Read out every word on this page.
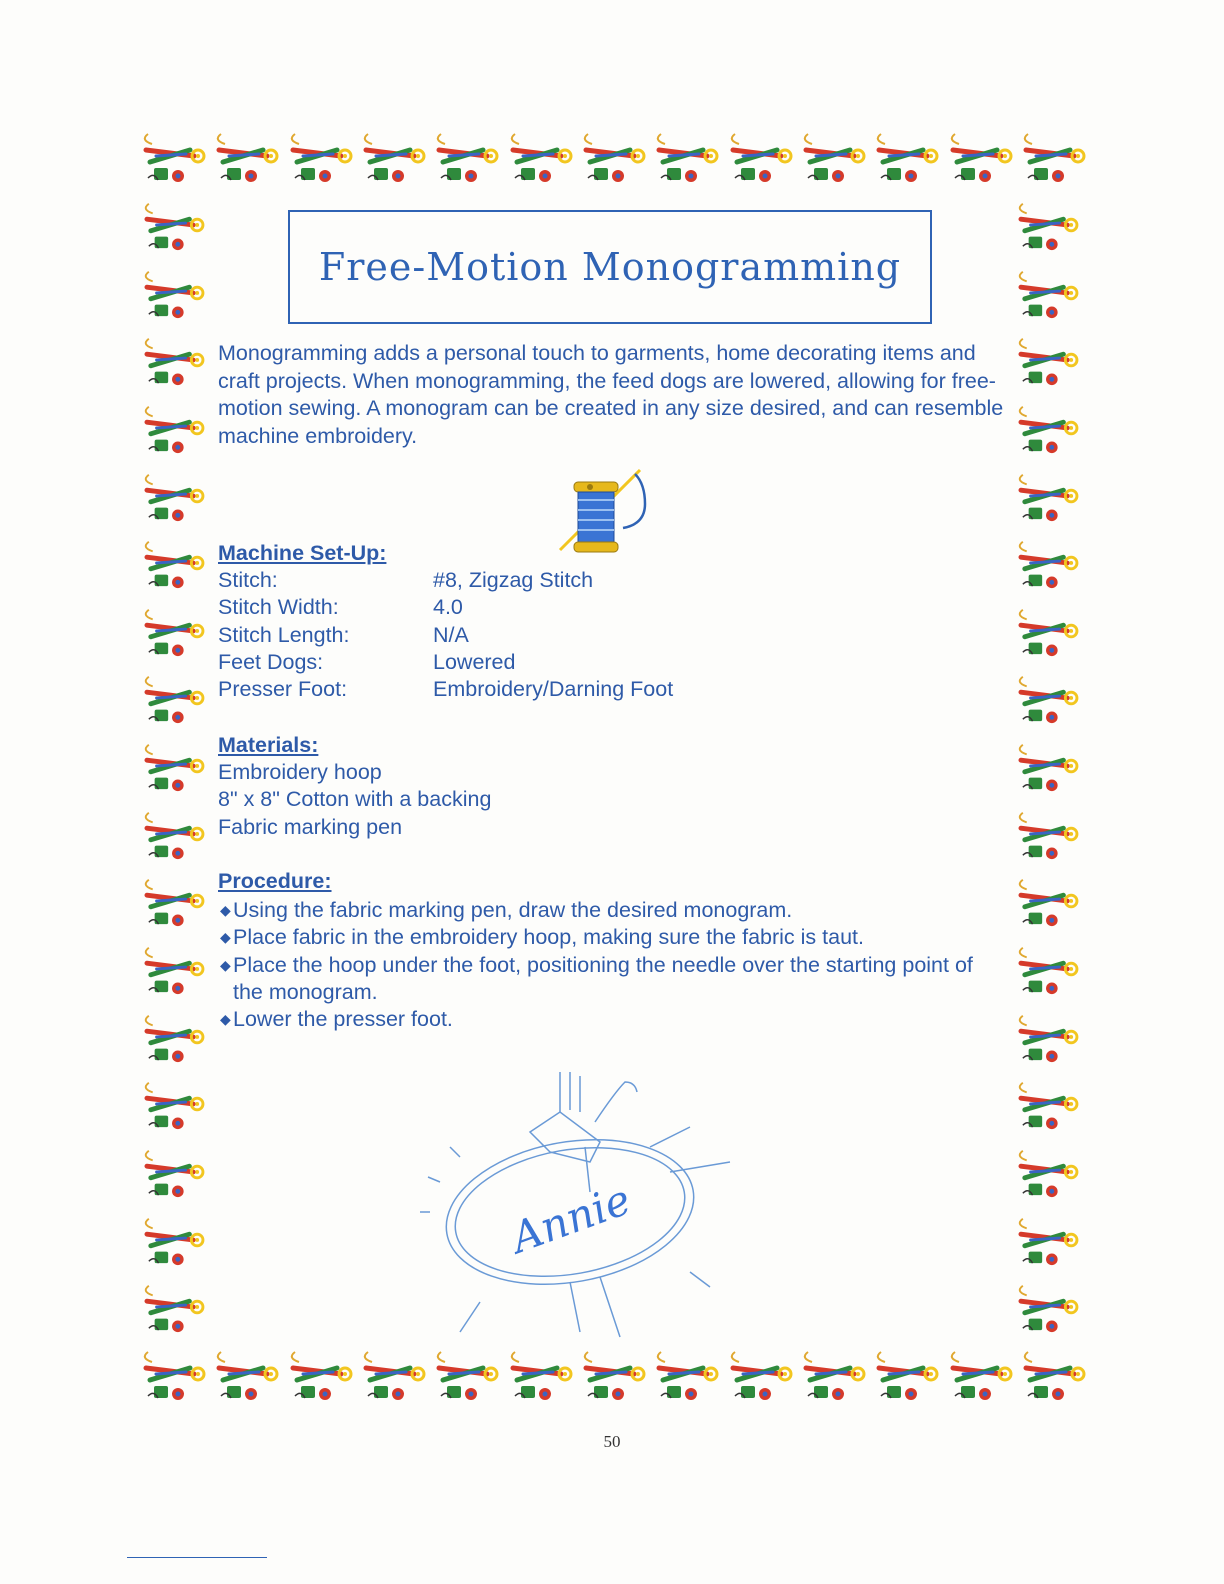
Free-Motion Monogramming

Monogramming adds a personal touch to garments, home decorating items and craft projects. When monogramming, the feed dogs are lowered, allowing for free-motion sewing. A monogram can be created in any size desired, and can resemble machine embroidery.

Machine Set-Up:
Stitch:	#8, Zigzag Stitch
Stitch Width:	4.0
Stitch Length:	N/A
Feet Dogs:	Lowered
Presser Foot:	Embroidery/Darning Foot
Materials:
Embroidery hoop
8" x 8" Cotton with a backing
Fabric marking pen
Procedure:
◆ Using the fabric marking pen, draw the desired monogram.
◆ Place fabric in the embroidery hoop, making sure the fabric is taut.
◆ Place the hoop under the foot, positioning the needle over the starting point of the monogram.
◆ Lower the presser foot.
Annie
50
